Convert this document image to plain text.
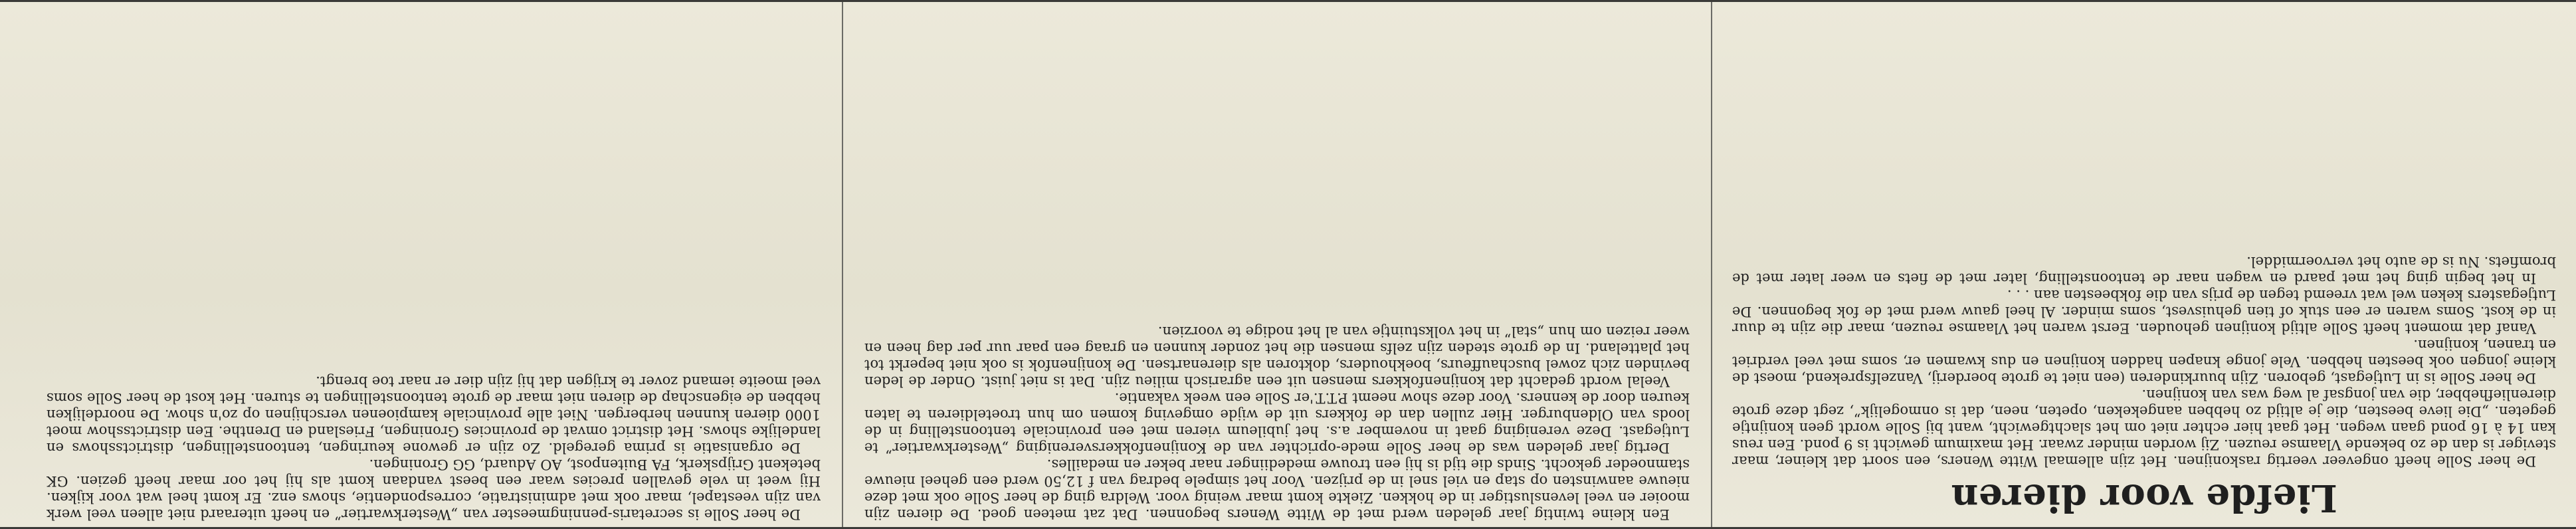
Liefde voor dieren
De heer Solle heeft ongeveer veertig raskonijnen. Het zijn allemaal Witte Weners, een soort dat kleiner, maar steviger is dan de zo bekende Vlaamse reuzen. Zij worden minder zwaar. Het maximum gewicht is 9 pond. Een reus kan 14 à 16 pond gaan wegen. Het gaat hier echter niet om het slachtgewicht, want bij Solle wordt geen konijntje gegeten. „Die lieve beesten, die je altijd zo hebben aangekeken, opeten, neen, dat is onmogelijk”, zegt deze grote dierenliefhebber, die van jongsaf al weg was van konijnen.
De heer Solle is in Lutjegast, geboren. Zijn buurkinderen (een niet te grote boerderij, Vanzelfsprekend, moest de kleine jongen ook beesten hebben. Vele jonge knapen hadden konijnen en dus kwamen er, soms met veel verdriet en tranen, konijnen.
Vanaf dat moment heeft Solle altijd konijnen gehouden. Eerst waren het Vlaamse reuzen, maar die zijn te duur in de kost. Soms waren er een stuk of tien gehuisvest, soms minder. Al heel gauw werd met de fok begonnen. De Lutjegasters keken wel wat vreemd tegen de prijs van die fokbeesten aan . . .
In het begin ging het met paard en wagen naar de tentoonstelling, later met de fiets en weer later met de bromfiets. Nu is de auto het vervoermiddel.
Een kleine twintig jaar geleden werd met de Witte Weners begonnen. Dat zat meteen goed. De dieren zijn mooier en veel levenslustiger in de hokken. Ziekte komt maar weinig voor. Weldra ging de heer Solle ook met deze nieuwe aanwinsten op stap en viel snel in de prijzen. Voor het simpele bedrag van f 12,50 werd een geheel nieuwe stamnoeder gekocht. Sinds die tijd is hij een trouwe medediinger naar beker en medailles.
Dertig jaar geleden was de heer Solle mede-oprichter van de Konijnenfokkersvereniging „Westerkwartier” te Lutjegast. Deze vereniging gaat in november a.s. het jubileum vieren met een provinciale tentoonstelling in de loods van Oldenburger. Hier zullen dan de fokkers uit de wijde omgeving komen om hun troeteldieren te laten keuren door de kenners. Voor deze show neemt P.T.T.'er Solle een week vakantie.
Veelal wordt gedacht dat konijnenfokkers mensen uit een agrarisch milieu zijn. Dat is niet juist. Onder de leden bevinden zich zowel buschauffeurs, boekhouders, doktoren als dierenartsen. De konijnenfok is ook niet beperkt tot het platteland. In de grote steden zijn zelfs mensen die het zonder kunnen en graag een paar uur per dag heen en weer reizen om hun „stal” in het volkstuintje van al het nodige te voorzien.
De heer Solle is secretaris-penningmeester van „Westerkwartier” en heeft uiteraard niet alleen veel werk van zijn veestapel, maar ook met administratie, correspondentie, shows enz. Er komt heel wat voor kijken. Hij weet in vele gevallen precies waar een beest vandaan komt als hij het oor maar heeft gezien. GK betekent Grijpskerk, FA Buitenpost, AO Aduard, GG Groningen.
De organisatie is prima geregeld. Zo zijn er gewone keuringen, tentoonstellingen, districtsshows en landelijke shows. Het district omvat de provincies Groningen, Friesland en Drenthe. Een districtsshow moet 1000 dieren kunnen herbergen. Niet alle provinciale kampioenen verschijnen op zo'n show. De noordelijken hebben de eigenschap de dieren niet maar de grote tentoonstellingen te sturen. Het kost de heer Solle soms veel moeite iemand zover te krijgen dat hij zijn dier er naar toe brengt.
